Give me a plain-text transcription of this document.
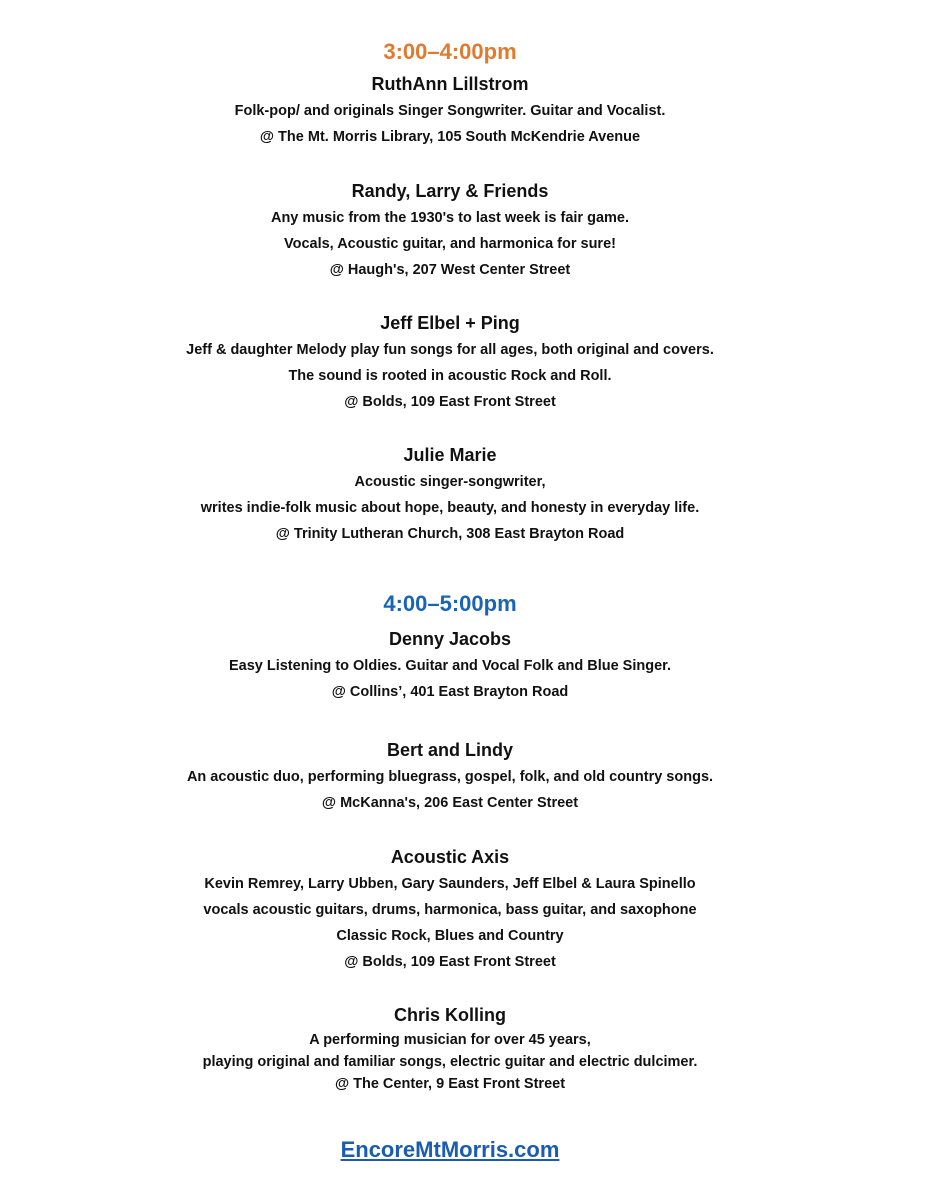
3:00–4:00pm
RuthAnn Lillstrom
Folk-pop/ and originals Singer Songwriter. Guitar and Vocalist.
@ The Mt. Morris Library, 105 South McKendrie Avenue
Randy, Larry & Friends
Any music from the 1930's to last week is fair game.
Vocals, Acoustic guitar, and harmonica for sure!
@ Haugh's, 207 West Center Street
Jeff Elbel + Ping
Jeff & daughter Melody play fun songs for all ages, both original and covers.
The sound is rooted in acoustic Rock and Roll.
@ Bolds, 109 East Front Street
Julie Marie
Acoustic singer-songwriter,
writes indie-folk music about hope, beauty, and honesty in everyday life.
@ Trinity Lutheran Church, 308 East Brayton Road
4:00–5:00pm
Denny Jacobs
Easy Listening to Oldies. Guitar and Vocal Folk and Blue Singer.
@ Collins’, 401 East Brayton Road
Bert and Lindy
An acoustic duo, performing bluegrass, gospel, folk, and old country songs.
@ McKanna's, 206 East Center Street
Acoustic Axis
Kevin Remrey, Larry Ubben, Gary Saunders, Jeff Elbel & Laura Spinello
vocals acoustic guitars, drums, harmonica, bass guitar, and saxophone
Classic Rock, Blues and Country
@ Bolds, 109 East Front Street
Chris Kolling
A performing musician for over 45 years,
playing original and familiar songs, electric guitar and electric dulcimer.
@ The Center, 9 East Front Street
EncoreMtMorris.com
